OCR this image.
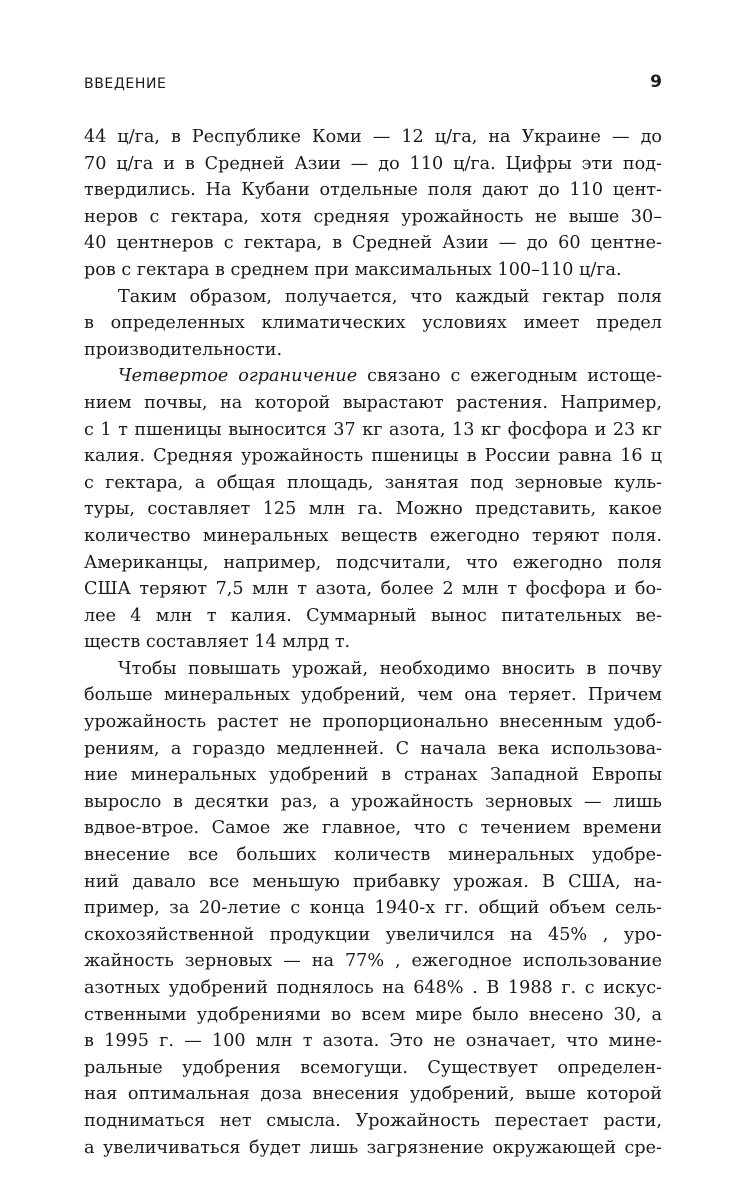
ВВЕДЕНИЕ	9
44 ц/га, в Республике Коми — 12 ц/га, на Украине — до
70 ц/га и в Средней Азии — до 110 ц/га. Цифры эти под-
твердились. На Кубани отдельные поля дают до 110 цент-
неров с гектара, хотя средняя урожайность не выше 30–
40 центнеров с гектара, в Средней Азии — до 60 центне-
ров с гектара в среднем при максимальных 100–110 ц/га.
Таким образом, получается, что каждый гектар поля
в определенных климатических условиях имеет предел
производительности.
Четвертое ограничение связано с ежегодным истоще-
нием почвы, на которой вырастают растения. Например,
с 1 т пшеницы выносится 37 кг азота, 13 кг фосфора и 23 кг
калия. Средняя урожайность пшеницы в России равна 16 ц
с гектара, а общая площадь, занятая под зерновые куль-
туры, составляет 125 млн га. Можно представить, какое
количество минеральных веществ ежегодно теряют поля.
Американцы, например, подсчитали, что ежегодно поля
США теряют 7,5 млн т азота, более 2 млн т фосфора и бо-
лее 4 млн т калия. Суммарный вынос питательных ве-
ществ составляет 14 млрд т.
Чтобы повышать урожай, необходимо вносить в почву
больше минеральных удобрений, чем она теряет. Причем
урожайность растет не пропорционально внесенным удоб-
рениям, а гораздо медленней. С начала века использова-
ние минеральных удобрений в странах Западной Европы
выросло в десятки раз, а урожайность зерновых — лишь
вдвое-втрое. Самое же главное, что с течением времени
внесение все больших количеств минеральных удобре-
ний давало все меньшую прибавку урожая. В США, на-
пример, за 20-летие с конца 1940-х гг. общий объем сель-
скохозяйственной продукции увеличился на 45% , уро-
жайность зерновых — на 77% , ежегодное использование
азотных удобрений поднялось на 648% . В 1988 г. с искус-
ственными удобрениями во всем мире было внесено 30, а
в 1995 г. — 100 млн т азота. Это не означает, что мине-
ральные удобрения всемогущи. Существует определен-
ная оптимальная доза внесения удобрений, выше которой
подниматься нет смысла. Урожайность перестает расти,
а увеличиваться будет лишь загрязнение окружающей сре-
